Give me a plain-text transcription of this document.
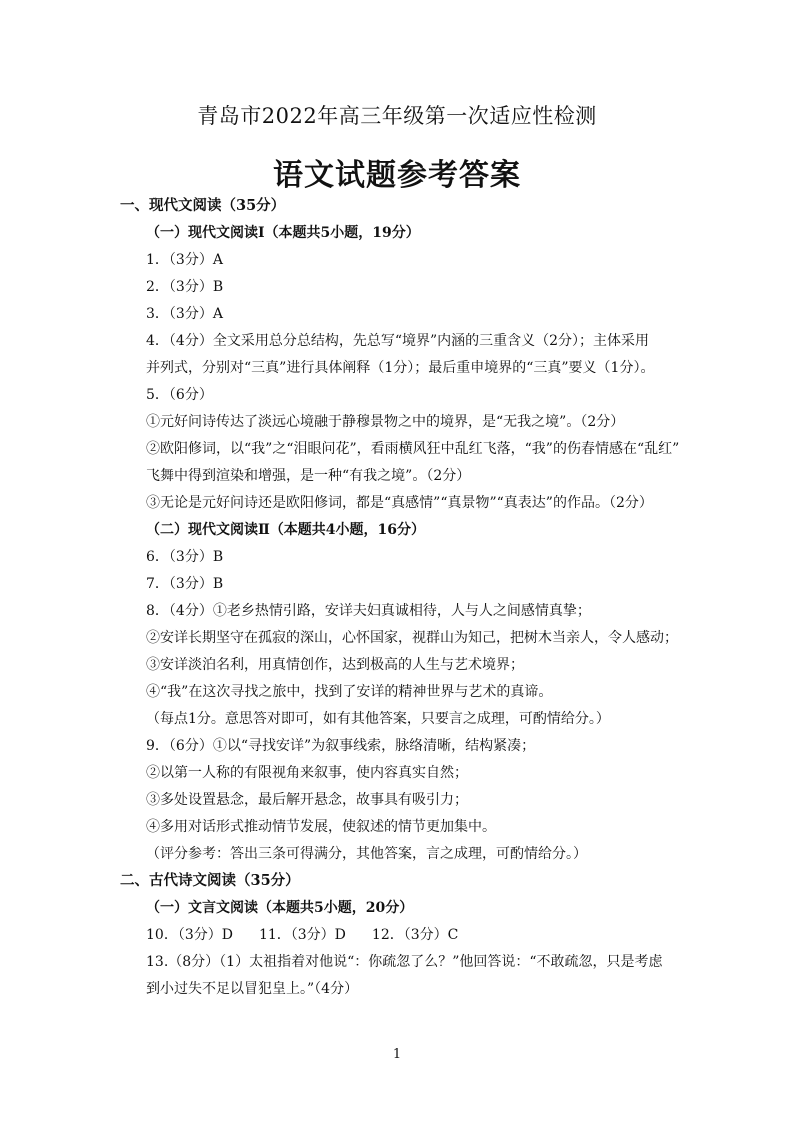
青岛市2022年高三年级第一次适应性检测
语文试题参考答案
一、现代文阅读（35分）
（一）现代文阅读Ⅰ（本题共5小题，19分）
1．（3分）A
2．（3分）B
3．（3分）A
4．（4分）全文采用总分总结构，先总写“境界”内涵的三重含义（2分）；主体采用
并列式，分别对“三真”进行具体阐释（1分）；最后重申境界的“三真”要义（1分）。
5．（6分）
①元好问诗传达了淡远心境融于静穆景物之中的境界，是“无我之境”。（2分）
②欧阳修词，以“我”之“泪眼问花”，看雨横风狂中乱红飞落，“我”的伤春情感在“乱红”
飞舞中得到渲染和增强，是一种“有我之境”。（2分）
③无论是元好问诗还是欧阳修词，都是“真感情”“真景物”“真表达”的作品。（2分）
（二）现代文阅读Ⅱ（本题共4小题，16分）
6．（3分）B
7．（3分）B
8．（4分）①老乡热情引路，安详夫妇真诚相待，人与人之间感情真挚；
②安详长期坚守在孤寂的深山，心怀国家，视群山为知己，把树木当亲人，令人感动；
③安详淡泊名利，用真情创作，达到极高的人生与艺术境界；
④“我”在这次寻找之旅中，找到了安详的精神世界与艺术的真谛。
（每点1分。意思答对即可，如有其他答案，只要言之成理，可酌情给分。）
9．（6分）①以“寻找安详”为叙事线索，脉络清晰，结构紧凑；
②以第一人称的有限视角来叙事，使内容真实自然；
③多处设置悬念，最后解开悬念，故事具有吸引力；
④多用对话形式推动情节发展，使叙述的情节更加集中。
（评分参考：答出三条可得满分，其他答案，言之成理，可酌情给分。）
二、古代诗文阅读（35分）
（一）文言文阅读（本题共5小题，20分）
10．（3分）D 11．（3分）D 12．（3分）C
13.（8分）（1）太祖指着对他说“：你疏忽了么？”他回答说：“不敢疏忽，只是考虑
到小过失不足以冒犯皇上。”（4分）
1
